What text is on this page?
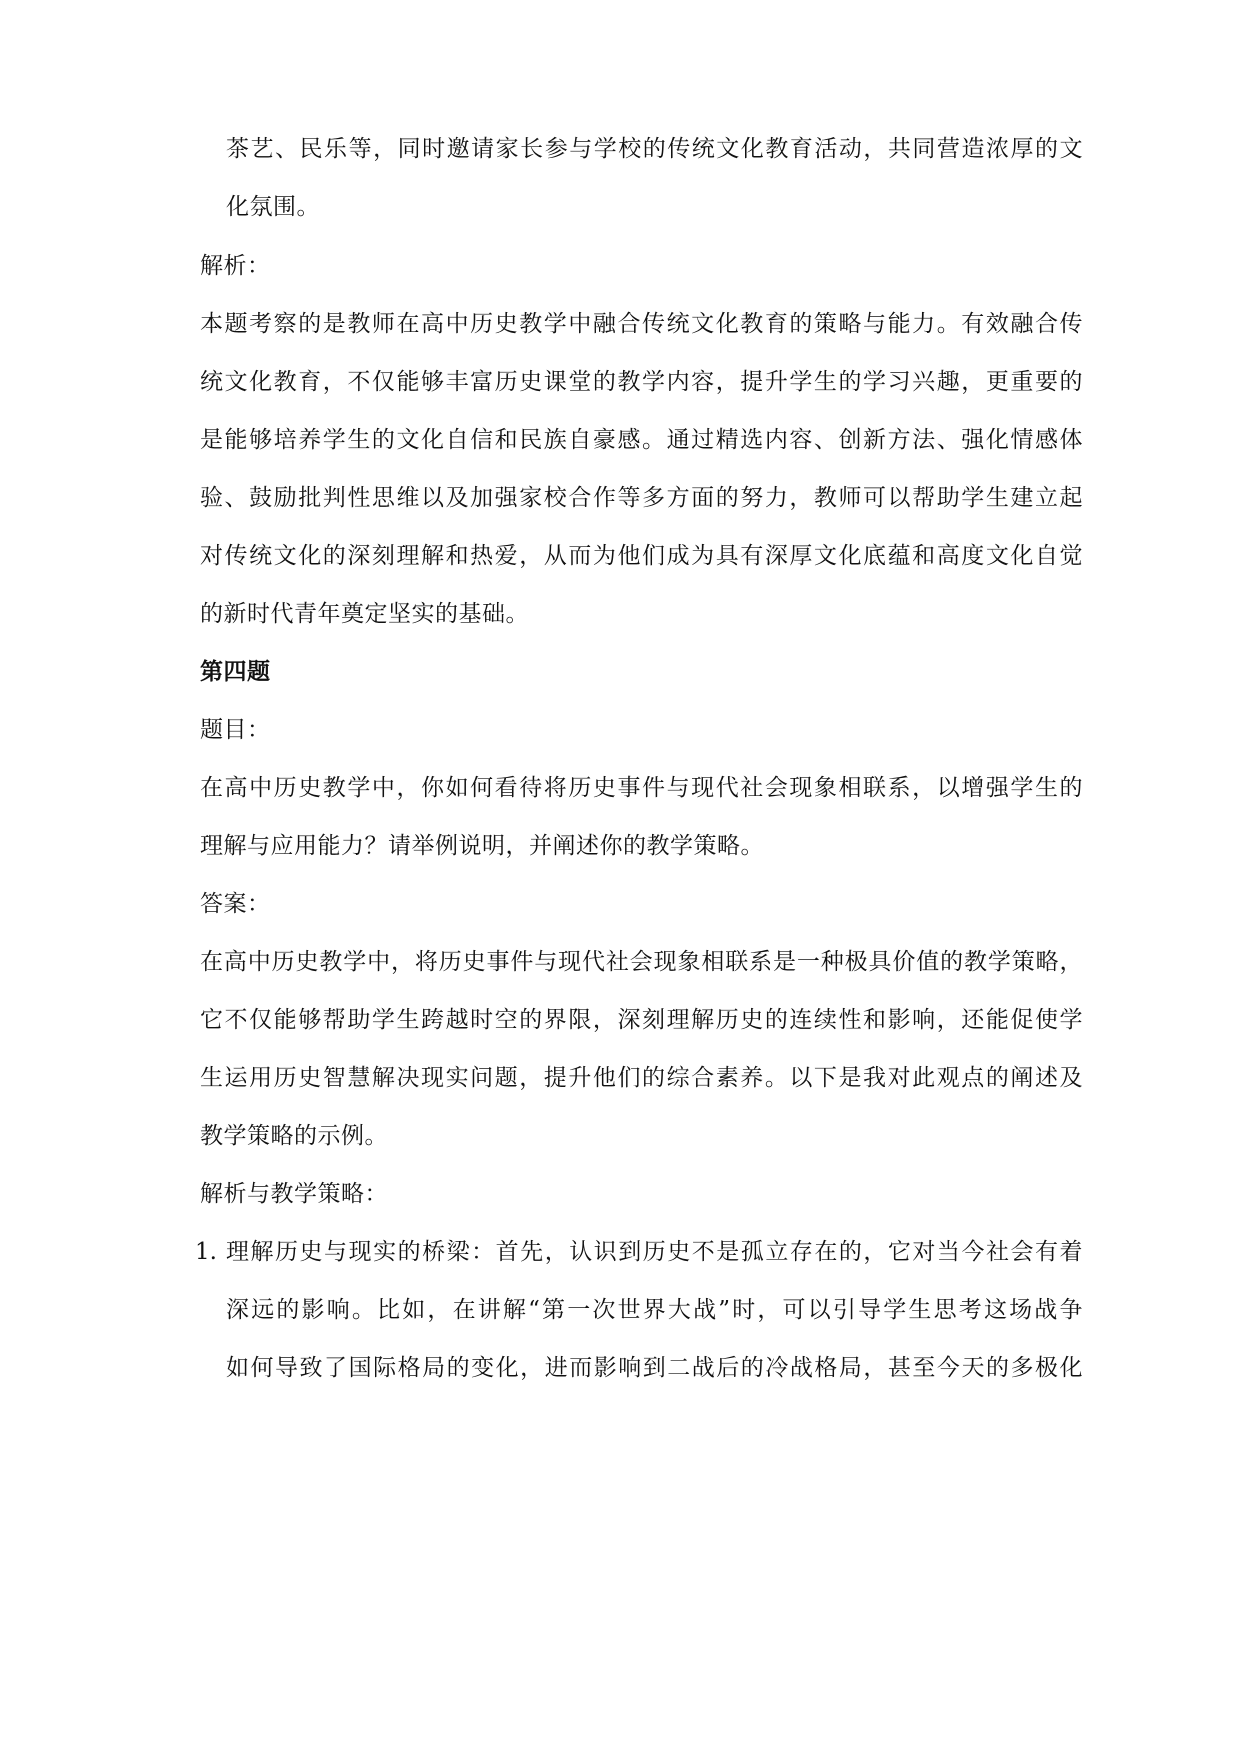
茶艺、民乐等，同时邀请家长参与学校的传统文化教育活动，共同营造浓厚的文
化氛围。
解析：
本题考察的是教师在高中历史教学中融合传统文化教育的策略与能力。有效融合传
统文化教育，不仅能够丰富历史课堂的教学内容，提升学生的学习兴趣，更重要的
是能够培养学生的文化自信和民族自豪感。通过精选内容、创新方法、强化情感体
验、鼓励批判性思维以及加强家校合作等多方面的努力，教师可以帮助学生建立起
对传统文化的深刻理解和热爱，从而为他们成为具有深厚文化底蕴和高度文化自觉
的新时代青年奠定坚实的基础。
第四题
题目：
在高中历史教学中，你如何看待将历史事件与现代社会现象相联系，以增强学生的
理解与应用能力？请举例说明，并阐述你的教学策略。
答案：
在高中历史教学中，将历史事件与现代社会现象相联系是一种极具价值的教学策略，
它不仅能够帮助学生跨越时空的界限，深刻理解历史的连续性和影响，还能促使学
生运用历史智慧解决现实问题，提升他们的综合素养。以下是我对此观点的阐述及
教学策略的示例。
解析与教学策略：
1. 理解历史与现实的桥梁：首先，认识到历史不是孤立存在的，它对当今社会有着
深远的影响。比如，在讲解“第一次世界大战”时，可以引导学生思考这场战争
如何导致了国际格局的变化，进而影响到二战后的冷战格局，甚至今天的多极化
